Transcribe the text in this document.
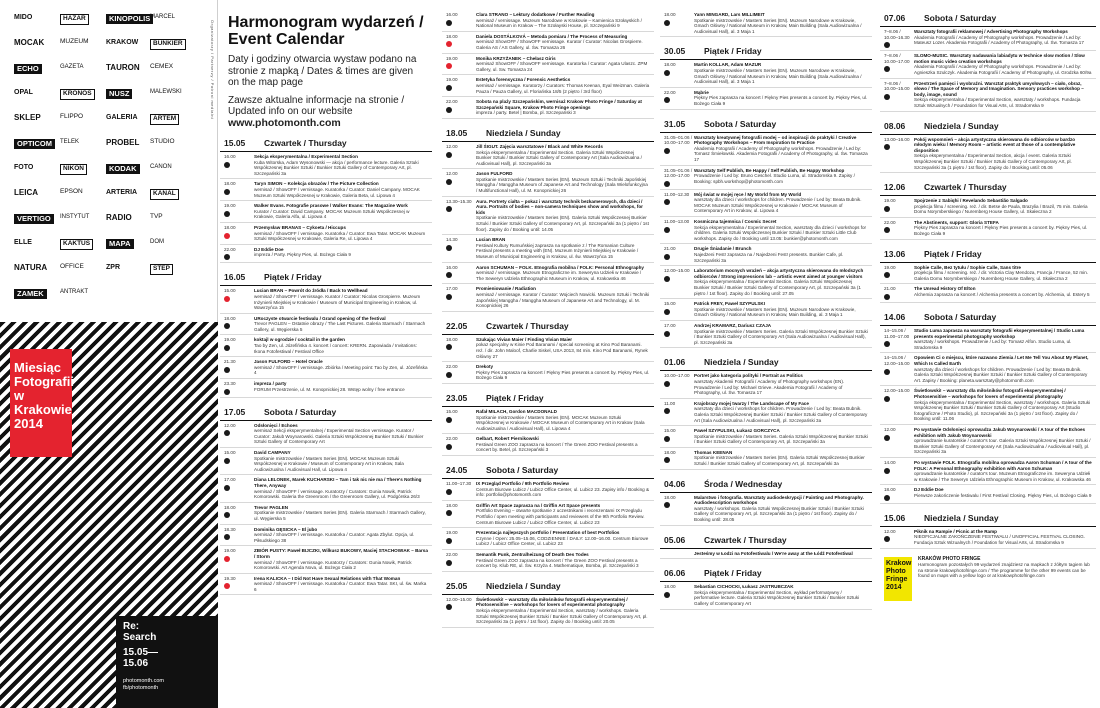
MIDO	HAZAR	KINOPOLIS MARCEL
MOCAK MUZEUM KRAKOW	BUNKIER
ECHO	GAZETA	TAURON CEMEX
OPAL	KRONOS	NUSZ	MALEWSKI
SKLEP	FLIPPO	GALERIA	ARTEM
OPTICOM	TELEK	PROBEL STUDIO
FOTO	NIKON	KODAK	CANON
LEICA	EPSON	ARTERIA	KANAL
VERTIGO	INSTYTUT RADIO	TVP
ELLE	KAKTUS	MAPA	DOM
NATURA OFFICE	ZPR	STEP
ZAMEK	ANTRAKT
Organizatorzy / Partnerzy / Patroni medialni
Miesiąc
Fotografii
w Krakowie
2014
Re:
Search
15.05—
15.06
photomonth.com
fb/photomonth
Harmonogram wydarzeń /
Event Calendar
Daty i godziny otwarcia wystaw podano na stronie z mapką / Dates & times are given on the map page
Zawsze aktualne informacje na stronie / Updated info on our website
www.photomonth.com
15.05	Czwartek / Thursday
16.00	Sekcja eksperymentalna / Experimental Section
Kuba Witorska, Adam Wysonowski — akcja / performance lecture. Galeria Sztuki Współczesnej Bunkier Sztuki / Bunkier Sztuki Gallery of Contemporary Art, pl. Szczepański 3a
18.00	Taryn SIMON – Kolekcja obrazów / The Picture Collection
wernisaż / ShowOFF / vernissage. Kuratorka / Curator: Daniel Campany. MOCAK Muzeum Sztuki Współczesnej w Krakowie, Galeria Beta, ul. Lipowa 4
19.00	Walker Evans. Fotografie prasowe / Walker Evans: The Magazine Work
Kurator / Curator: David Campany. MOCAK Muzeum Sztuki Współczesnej w Krakowie, Galeria Alfa, ul. Lipowa 4
18.00	Przemysław BRANAS – Cykoeta / Hiccups
wernisaż / ShowOFF / vernissage. Kuratorka / Curator: Ewa Tatar. MOCAK Muzeum Sztuki Współczesnej w Krakowie, Galeria Re, ul. Lipowa 4
22.00	DJ Eddie Doe
impreza / Party. Piękny Pies, ul. Bożego Ciała 9
16.05	Piątek / Friday
15.00	Lucian BRAN – Powrót do źródła / Back to Wellhead
wernisaż / ShowOFF / vernissage. Kurator / Curator: Nicolas Grospierre. Muzeum Inżynierii Miejskiej w Krakowie / Museum of Municipal Engineering in Krakow, ul. Wawrzyńca 15
18.00	URoczyste otwarcie festiwalu / Grand opening of the festival
Trevor PAGLEN – Ostatnie obrazy / The Last Pictures. Galeria Starmach / Starmach Gallery, ul. Węgierska 5
19.00	koktajl w ogrodzie / cocktail in the garden
Tao by Zen, ul. Józefińska 4. koncert / concert: KRERN. Zapowiada / Invitations: Ikona Fotofestiwal / Festival Office
21.30	Jason FULFORD – Hotel Oracle
wernisaż / ShowOFF / vernissage. Zbiórka / Meeting point: Tao by Zen, ul. Józefińska 4
23.30	impreza / party
FORUM Przestrzenie, ul. M. Konopnickiej 28. Wstęp wolny / free entrance
17.05	Sobota / Saturday
12.00	Odsłonięci / Echoes
wernisaż Sekcji eksperymentalnej / Experimental Section vernissage. Kurator / Curator: Jakub Woynarowski. Galeria Sztuki Współczesnej Bunkier Sztuki / Bunkier Sztuki Gallery of Contemporary Art
15.00	David CAMPANY
Spotkanie mistrzowskie / Masters Series (EN). MOCAK Muzeum Sztuki Współczesnej w Krakowie / Museum of Contemporary Art in Krakow, Sala Audiowizualna / Audiovisual Hall, ul. Lipowa 4
17.00	Diana LELONEK, Marek KUCHARSKI – Tam i tak nic nie ma / There's Nothing There, Anyway
wernisaż / ShowOFF / vernissage. Kuratorzy / Curators: Gunia Nowik, Patrick Komorowski. Galeria the Greenroom / the Greenroom Gallery, ul. Podgórska 26/3
18.00	Trevor PAGLEN
Spotkanie mistrzowskie / Masters Series (EN). Galeria Starmach / Starmach Gallery, ul. Węgierska 5
18.30	Dominika GĘSICKA – El jubo
wernisaż / ShowOFF / vernissage. Kuratorka / Curator: Agata Zbylut. Opcja, ul. Piłsudskiego 38
19.00	ZBIÓR PUSTY: Paweł BIJCZKI, Wilkusz BUKOWY, Maciej STACHOWIAK – Barsa / Storm
wernisaż / ShowOFF / vernissage. Kuratorzy / Curators: Gunia Nowik, Patrick Komorowski. Art Agenda Nova, ul. Bożego Ciała 2
19.30	Irena KALICKA – I Did Not Have Sexual Relations with That Woman
wernisaż / ShowOFF / vernissage. Kuratorka / Curator: Ewa Tatar. SKI, ul. św. Marka 6
16.00	Clara STRANO – Lektury dodatkowe / Further Reading
wernisaż / vernissage. Muzeum Narodowe w Krakowie – Kamienica Szołayskich / National Museum in Krakow – The Szołayski House, pl. Szczepański 9
18.00	Daniela DOSTÁLKOVÁ – Metoda pomiaru / The Process of Measuring
wernisaż ShowOFF / ShowOFF vernissage. Kurator / Curator: Nicolas Grospierre. Galeria AS / AS Gallery, ul. Św. Tomasza 26
19.00	Monika KRZYŻANEK – Chełasz Giris
wernisaż ShowOFF / ShowOFF vernissage. Kuratorka / Curator: Agata Ulaszc. ZPM Gallery, ul. Sw. Tomasza 24
19.00	Estetyka forensyczna / Forensic Aesthetics
wernisaż / vernissage. Kuratorzy / Curators: Thomas Keenan, Eyal Weizman. Galeria Pauza / Pauza Gallery, ul. Floriańska 18/5 (2 piętro / 3rd floor)
22.00	Sobota na plaży Szczepańskim, wernisaż Krakow Photo Fringe / Saturday at Szczepański Square, Krakow Photo Fringe openings
impreza / party. Betel | Bomba, pl. Szczepański 3
18.05	Niedziela / Sunday
12.00	Jill ŚIGUT. Zajęcia warsztatowe / Black and White Records
Sekcja eksperymentalna / Experimental Section. Galeria Sztuki Współczesnej Bunkier Sztuki / Bunkier Sztuki Gallery of Contemporary Art (Sala Audiowizualna / Audiovisual Hall), pl. Szczepański 3a
12.00	Jason FULFORD
Spotkanie mistrzowskie / Masters Series (EN). Muzeum Sztuki i Techniki Japońskiej Manggha / Manggha Museum of Japanese Art and Technology (Sala Wielofunkcyjna / Multifunctional Hall), ul. M. Konopnickiej 26
13.30–15.30 Aura. Portrety ciałta – pokaz i warsztaty technik bezkamerowych, dla dzieci / Aura. Portraits of bodies – non-camera techniques show and workshops, for kids
Spotkanie mistrzowskie / Masters Series (EN). Galeria Sztuki Współczesnej Bunkier Sztuki / Bunkier Sztuki Gallery of Contemporary Art, pl. Szczepański 3a (1 piętro / 1st floor). Zapisy do / Booking until: 14.05
14.30	Lucian BRAN
Festiwal Kultury Rumuńskiej zaprasza na spotkanie z / The Romanian Culture Festival presents a meeting with (EN). Muzeum Inżynierii Miejskiej w Krakowie / Museum of Municipal Engineering in Krakow, ul. św. Wawrzyńca 15
16.00	Aaron SCHUMAN – FOLK. Etnografia mobilna / FOLK: Personal Ethnography
wernisaż / vernissage. Muzeum Etnograficzne im. Seweryna Udziełi w Krakowie / The Seweryn Udziela Ethnographic Museum in Krakow, ul. Krakowska 46
17.00	Promieniowanie / Radiation
wernisaż / vernissage. Kurator / Curator: Wojciech Nowicki. Muzeum Sztuki i Techniki Japońskiej Manggha / Manggha Museum of Japanese Art and Technology, ul. M. Konopnickiej 26
22.05	Czwartek / Thursday
18.00	Szukając Vivian Maier / Finding Vivian Maier
pokaz specjalny w Kinie Pod Baranami / special screening at Kino Pod Baranami. reż. / dir. John Maloof, Charlie Siskel, USA 2013, 84 min. Kino Pod Baranami, Rynek Główny 27
22.00	Drekoty
Piękny Pies zaprasza na koncert / Piękny Pies presents a concert by. Piękny Pies, ul. Bożego Ciała 9
23.05	Piątek / Friday
15.00	Rafał MILACH, Gordon MACDONALD
Spotkanie mistrzowskie / Masters Series (EN). MOCAK Muzeum Sztuki Współczesnej w Krakowie / MOCAK Museum of Contemporary Art in Krakow (Sala Audiowizualna / Audiovisual Hall), ul. Lipowa 4
22.00	Gelbart, Robert Piernikowski
Festiwal Green ZOO zaprasza na koncert / The Green ZOO Festival presents a concert by. Betel, pl. Szczepański 3
24.05	Sobota / Saturday
11.00–17.30	IX Przegląd Portfolio / 9th Portfolio Review
Centrum Biurowe Lubicz / Lubicz Office Center, ul. Lubicz 23. Zapisy info / Booking & info: portfolio@photomonth.com
18.00	Griffin Art Space zaprasza na / Griffin Art Space presents
Portfolio Evening – otwarte spotkanie z uczestnikami i recenzentami IX Przeglądu Portfolio / open meeting with participants and reviewers of the 9th Portfolio Review. Centrum Biurowe Lubicz / Lubicz Office Center, ul. Lubicz 23
19.00	Prezentacja najlepszych portfolio / Presentation of best Portfolios
Czynne / Open: 25.05–15.06, CODZIENNIE / DAILY: 12.00–16.00. Centrum Biurowe Lubicz / Lubicz Office Center, ul. Lubicz 23
22.00	Semantik Punk, Zentralheizung Of Death Des Todes
Festiwal Green ZOO zaprasza na koncert / The Green ZOO Festival presents a concert by. Klub RE, ul. Św. Krzyża 4. Mathematique, Bomba, pl. Szczepański 3
25.05	Niedziela / Sunday
12.00–15.00 Świetlowski! – warsztaty dla miłośników fotografii eksperymentalnej / Photosensitive – workshops for lovers of experimental photography
Sekcja eksperymentalna / Experimental Section, warsztaty / workshops. Galeria Sztuki Współczesnej Bunkier Sztuki / Bunkier Sztuki Gallery of Contemporary Art, pl. Szczepański 3a (1 piętro / 1st floor). Zapisy do / Booking until: 20.05
18.00	Yann MINGARD, Lars MILLIMEIT
Spotkanie mistrzowskie / Masters Series (EN). Muzeum Narodowe w Krakowie, Gmach Główny / National Museum in Krakow, Main Building (Sala Audiowizualna / Audiovisual Hall), al. 3 Maja 1
30.05	Piątek / Friday
18.00	Martin KOLLAR, Adam MAZUR
Spotkanie mistrzowskie / Masters Series (EN). Muzeum Narodowe w Krakowie, Gmach Główny / National Museum in Krakow, Main Building (Sala Audiowizualna / Audiovisual Hall), al. 3 Maja 1
22.00	Mąbrie
Piękny Pies zaprasza na koncert / Piękny Pies presents a concert by. Piękny Pies, ul. Bożego Ciała 9
31.05	Sobota / Saturday
31.05–01.06 / 10.00–17.00
Warsztaty kreatywnej fotografii modej – od inspiracji do praktyki / Creative Photography Workshops – From Inspiration to Practice
Akademia Fotografii / Academy of Photography workshops. Prowadzenie / Led by: Tomasz Śmiełowski. Akademia Fotografii / Academy of Photography, ul. Św. Tomasza 17
31.05–01.06 / 12.00–17.00
Warsztaty Self Publish, Be Happy / Self Publish, Be Happy Workshop
Prowadzenie / Led by: Bruno Ceschel. Studio Luma, ul. Stradomska 9. Zapisy / Booking: spbh.workshop@photomonth.com
11.00–12.30	Mój świat w mojej ręce / My World from My World
warsztaty dla dzieci / workshops for children. Prowadzenie / Led by: Beata Bubnik. MOCAK Muzeum Sztuki Współczesnej w Krakowie / MOCAK Museum of Contemporary Art in Krakow, ul. Lipowa 4
11.00–13.00	Kosmiczna tajemnica / Cosmic Secret
Sekcja eksperymentalna / Experimental Section, warsztaty dla dzieci / workshops for children. Galeria Sztuki Współczesnej Bunkier Sztuki / Bunkier Sztuki Little Club workshops. Zapisy do / Booking until 13.05: bunkier@photomonth.com
21.00	Drugie Śniadanie / Brunch
Najedzeni Fest! zaprasza na / Najedzeni Fest! presents. Bunkier Cafe, pl. Szczepański 3a
12.00–15.00 Laboratorium mocnych wrażeń – akcja artystyczna skierowana do młodszych odbiorców / Strong impressions lab – artistic event aimed at younger visitors
Sekcja eksperymentalna / Experimental Section. Galeria Sztuki Współczesnej Bunkier Sztuki / Bunkier Sztuki Gallery of Contemporary Art, pl. Szczepański 3a (1 piętro / 1st floor). Zapisy do / Booking until: 27.05
15.00	Patrick FREY, Paweł SZYPULSKI
Spotkanie mistrzowskie / Masters Series (EN). Muzeum Narodowe w Krakowie, Gmach Główny / National Museum in Krakow, Main Building, al. 3 Maja 1
17.00	Andrzej KRAMARZ, Dariusz CZAJA
Spotkanie mistrzowskie / Masters Series. Galeria Sztuki Współczesnej Bunkier Sztuki / Bunkier Sztuki Gallery of Contemporary Art (Sala Audiowizualna / Audiovisual Hall), pl. Szczepański 3a
01.06	Niedziela / Sunday
10.00–17.00 Portret jako kategoria polityki / Portrait as Politics
warsztaty Akademii Fotografii / Academy of Photography workshops (EN). Prowadzenie / Led by: Michael Grieve. Akademia Fotografii / Academy of Photography, ul. Św. Tomasza 17
11.00	Krajobrazy mojej twarzy / The Landscape of My Face
warsztaty dla dzieci / workshops for children. Prowadzenie / Led by: Beata Bubnik. Galeria Sztuki Współczesnej Bunkier Sztuki / Bunkier Sztuki Gallery of Contemporary Art (Sala Audiowizualna / Audiovisual Hall), pl. Szczepański 3a
15.00	Paweł SZYPULSKI, Łukasz GORCZYCA
Spotkanie mistrzowskie / Masters Series. Galeria Sztuki Współczesnej Bunkier Sztuki / Bunkier Sztuki Gallery of Contemporary Art, pl. Szczepański 3a
18.00	Thomas KEENAN
Spotkanie mistrzowskie / Masters Series (EN). Galeria Sztuki Współczesnej Bunkier Sztuki / Bunkier Sztuki Gallery of Contemporary Art, pl. Szczepański 3a
04.06	Środa / Wednesday
18.00	Malarstwo i fotografia. Warsztaty audiodeskrypcji / Painting and Photography. Audiodescription workshops
warsztaty / workshops. Galeria Sztuki Współczesnej Bunkier Sztuki / Bunkier Sztuki Gallery of Contemporary Art, pl. Szczepański 3a (1 piętro / 1st floor). Zapisy do / Booking until: 28.05
05.06	Czwartek / Thursday
Jesteśmy w Łodzi na Fotofestiwalu / We're away at the Łódź Fotofestiwal
06.06	Piątek / Friday
18.00	Sebastian CICHOCKI, Łukasz JASTRUBCZAK
Sekcja eksperymentalna / Experimental Section, wykład performatywny / performative lecture. Galeria Sztuki Współczesnej Bunkier Sztuki / Bunkier Sztuki Gallery of Contemporary Art
07.06	Sobota / Saturday
7–8.06 / 10.00–16.30
Warsztaty fotografii reklamowej / Advertising Photography Workshops
Akademia Fotografii / Academy of Photography workshops. Prowadzenie / Led by: Mateusz Lozer. Akademia Fotografii / Academy of Photography, ul. Św. Tomasza 17
7–8.06 / 10.00–17.00
SLOMO-MUSIC. Warsztaty nadawania labiadytu w technice slow motion / Slow motion music video creation workshops
Akademia Fotografii / Academy of Photography workshops. Prowadzenie / Led by: Agnieszka Szulczyk. Akademia Fotografii / Academy of Photography, ul. Grodzka 60/9a
7–8.06 / 10.00–15.00
Przestrzeń pamięci i wyobraźni. Warsztat praktyk umysłowych – ciało, obraz, słowo / The Space of Memory and Imagination. Sensory practices workshop – body, image, sound
Sekcja eksperymentalna / Experimental Section, warsztaty / workshops. Fundacja Sztuk Wizualnych / Foundation for Visual Arts, ul. Stradomska 9
08.06	Niedziela / Sunday
13.00–16.00 Pokój wspomnień – akcja artystyczna skierowana do odbiorców w bardzo młodym wieku / Memory Room – artistic event at those of a contemplative disposition
Sekcja eksperymentalna / Experimental Section, akcja / event. Galeria Sztuki Współczesnej Bunkier Sztuki / Bunkier Sztuki Gallery of Contemporary Art, pl. Szczepański 3a (1 piętro / 1st floor). Zapisy do / Booking until: 05.06
12.06	Czwartek / Thursday
19.00	Spojrzenie z Sabiqhi / Revelando Sebastião Salgado
projekcja filmu / screening. reż. / dir. Betse de Paula, Brazylia / Brazil, 75 min. Galeria Domu Norymberskiego / Nuremberg House Gallery, ul. Skałeczna 2
22.00	The Abstinents, support: Gloria STEFA
Piękny Pies zaprasza na koncert / Piękny Pies presents a concert by. Piękny Pies, ul. Bożego Ciała 9
13.06	Piątek / Friday
19.00	Sophie Calle, Bez tytułu / Sophie Calle, Sans titre
projekcja filmu / screening. reż. / dir. Victoria Clay Mendoza, Francja / France, 52 min. Galeria Domu Norymberskiego / Nuremberg House Gallery, ul. Skałeczna 2
21.00	The Unread History Of Elton
Alchemia zaprasza na koncert / Alchemia presents a concert by. Alchemia, ul. Estery 5
14.06	Sobota / Saturday
14–15.06 / 11.00–17.00
Studio Luma zaprasza na warsztaty fotografii eksperymentalnej / Studio Luma presents experimental photography workshop
warsztaty / workshops. Prowadzenie / Led by: Tomasz Alfon. Studio Luma, ul. Stradomska 9
14–15.06 / 12.00–15.00
Opowiem Ci o miejscu, które nazwano Ziemia / Let Me Tell You About My Planet, Which Is Called Earth
warsztaty dla dzieci / workshops for children. Prowadzenie / Led by: Beata Bubnik. Galeria Sztuki Współczesnej Bunkier Sztuki / Bunkier Sztuki Gallery of Contemporary Art. Zapisy / Booking: planeta.warsztaty@photomonth.com
12.00–15.00 Świetlowski! – warsztaty dla miłośników fotografii eksperymentalnej / Photosensitive – workshops for lovers of experimental photography
Sekcja eksperymentalna / Experimental Section, warsztaty / workshops. Galeria Sztuki Współczesnej Bunkier Sztuki / Bunkier Sztuki Gallery of Contemporary Art (Studio fotograficzne / Photo Studio), pl. Szczepański 3a (1 piętro / 1st floor). Zapisy do / Booking until: 11.06
12.00	Po wystawie Odsłonięci oprowadza Jakub Woynarowski / A tour of the Echoes exhibition with Jakub Woynarowski
oprowadzanie kuratorskie / curator's tour. Galeria Sztuki Współczesnej Bunkier Sztuki / Bunkier Sztuki Gallery of Contemporary Art (Sala Audiowizualna / Audiovisual Hall), pl. Szczepański 3a
14.00	Po wystawie FOLK. Etnografia mobilna oprowadza Aaron Schuman / A tour of the FOLK: A Personal Ethnography exhibition with Aaron Schuman
oprowadzanie kuratorskie / curator's tour. Muzeum Etnograficzne im. Seweryna Udziełi w Krakowie / The Seweryn Udziela Ethnographic Museum in Krakow, ul. Krakowska 46
18.00	DJ Eddie Doe
Pierwsze zakończenie festiwalu / First Festival Closing. Piękny Pies, ul. Bożego Ciała 9
15.06	Niedziela / Sunday
12.00	Piknik na Rampie / Picnic at the Ramp
NIEOFICJALNE ZAKOŃCZENIE FESTIWALU / UNOFFICIAL FESTIVAL CLOSING. Fundacja Sztuk Wizualnych / Foundation for Visual Arts, ul. Stradomska 9
Krakow
Photo
Fringe
2014
KRAKÓW PHOTO FRINGE
Harmonogram pozostałych 99 wydarzeń znajdziesz na mapkach z żółtym tagiem lub na stronie krakowphotofringe.com / The programme for the other 99 events can be found on maps with a yellow logo or at krakowphotofringe.com
